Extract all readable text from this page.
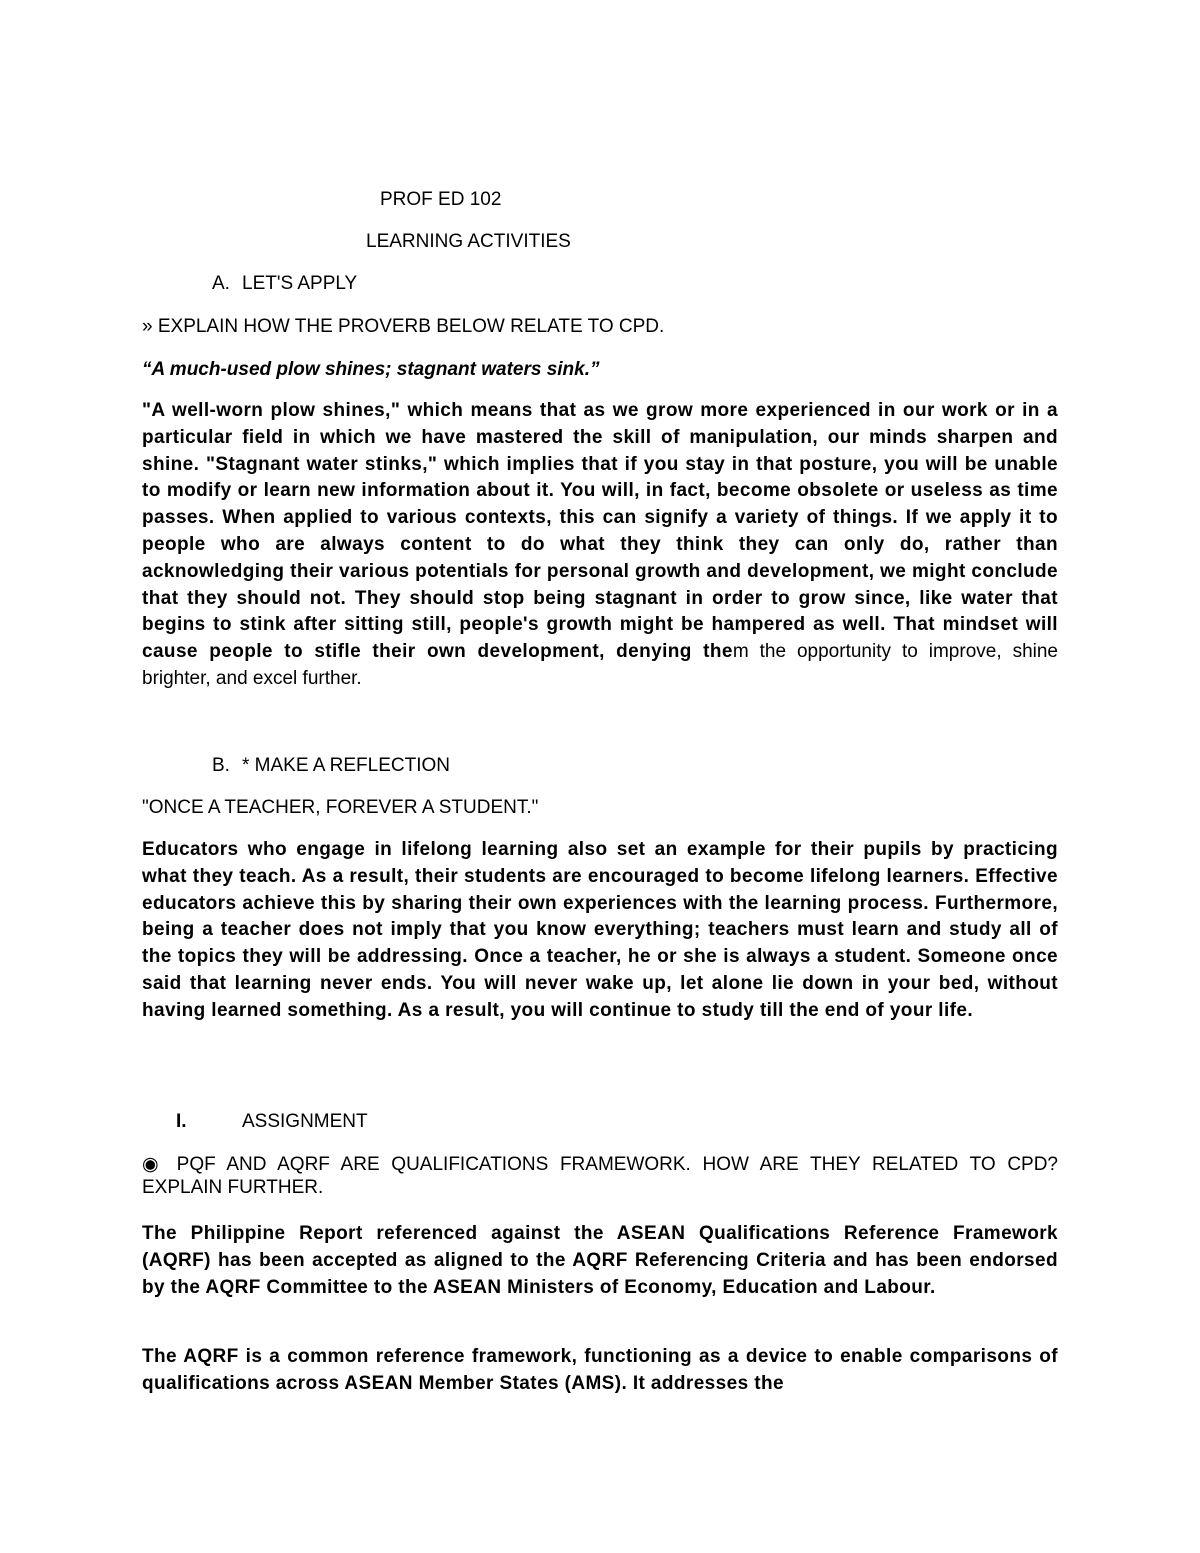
PROF ED 102
LEARNING ACTIVITIES
A. LET'S APPLY
» EXPLAIN HOW THE PROVERB BELOW RELATE TO CPD.
“A much-used plow shines; stagnant waters sink.”
"A well-worn plow shines," which means that as we grow more experienced in our work or in a particular field in which we have mastered the skill of manipulation, our minds sharpen and shine. "Stagnant water stinks," which implies that if you stay in that posture, you will be unable to modify or learn new information about it. You will, in fact, become obsolete or useless as time passes. When applied to various contexts, this can signify a variety of things. If we apply it to people who are always content to do what they think they can only do, rather than acknowledging their various potentials for personal growth and development, we might conclude that they should not. They should stop being stagnant in order to grow since, like water that begins to stink after sitting still, people's growth might be hampered as well. That mindset will cause people to stifle their own development, denying them the opportunity to improve, shine brighter, and excel further.
B. * MAKE A REFLECTION
"ONCE A TEACHER, FOREVER A STUDENT."
Educators who engage in lifelong learning also set an example for their pupils by practicing what they teach. As a result, their students are encouraged to become lifelong learners. Effective educators achieve this by sharing their own experiences with the learning process. Furthermore, being a teacher does not imply that you know everything; teachers must learn and study all of the topics they will be addressing. Once a teacher, he or she is always a student. Someone once said that learning never ends. You will never wake up, let alone lie down in your bed, without having learned something. As a result, you will continue to study till the end of your life.
I.	ASSIGNMENT
◉ PQF AND AQRF ARE QUALIFICATIONS FRAMEWORK. HOW ARE THEY RELATED TO CPD? EXPLAIN FURTHER.
The Philippine Report referenced against the ASEAN Qualifications Reference Framework (AQRF) has been accepted as aligned to the AQRF Referencing Criteria and has been endorsed by the AQRF Committee to the ASEAN Ministers of Economy, Education and Labour.
The AQRF is a common reference framework, functioning as a device to enable comparisons of qualifications across ASEAN Member States (AMS). It addresses the
